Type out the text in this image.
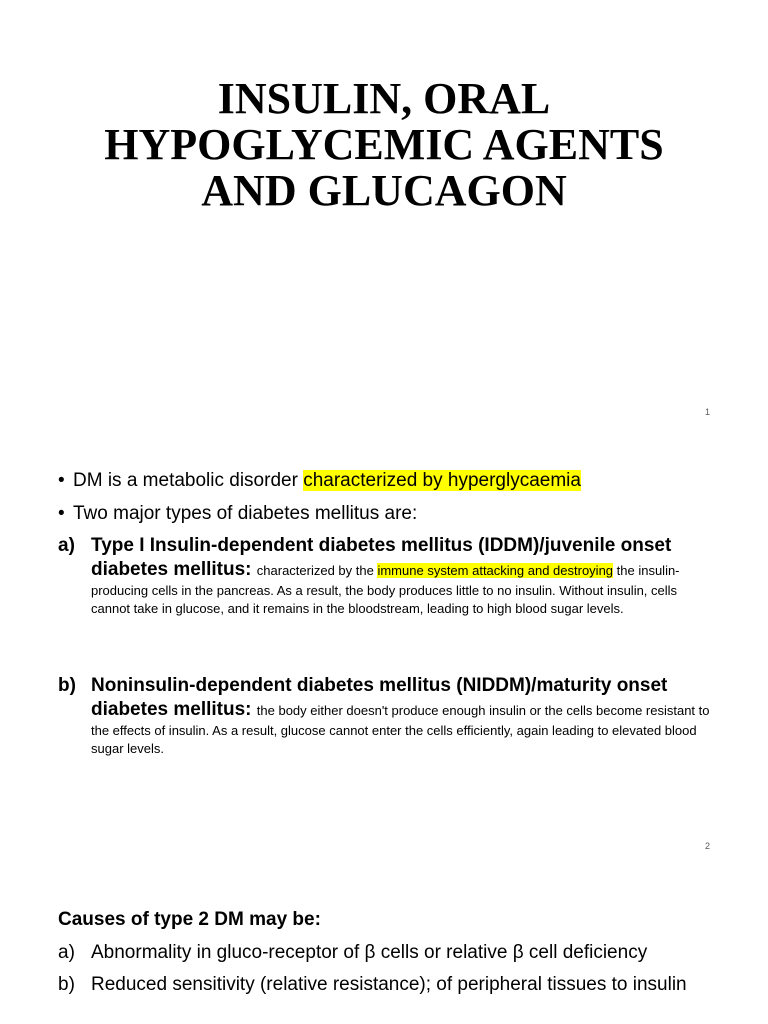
INSULIN, ORAL
HYPOGLYCEMIC AGENTS
AND GLUCAGON
1
• DM is a metabolic disorder characterized by hyperglycaemia
• Two major types of diabetes mellitus are:
a) Type I Insulin-dependent diabetes mellitus (IDDM)/juvenile onset
diabetes mellitus: characterized by the immune system attacking and destroying the insulin-producing cells in the pancreas. As a result, the body produces little to no insulin. Without insulin, cells cannot take in glucose, and it remains in the bloodstream, leading to high blood sugar levels.
b) Noninsulin-dependent diabetes mellitus (NIDDM)/maturity onset
diabetes mellitus: the body either doesn't produce enough insulin or the cells become resistant to the effects of insulin. As a result, glucose cannot enter the cells efficiently, again leading to elevated blood sugar levels.
2
Causes of type 2 DM may be:
a) Abnormality in gluco-receptor of β cells or relative β cell deficiency
b) Reduced sensitivity (relative resistance); of peripheral tissues to insulin
